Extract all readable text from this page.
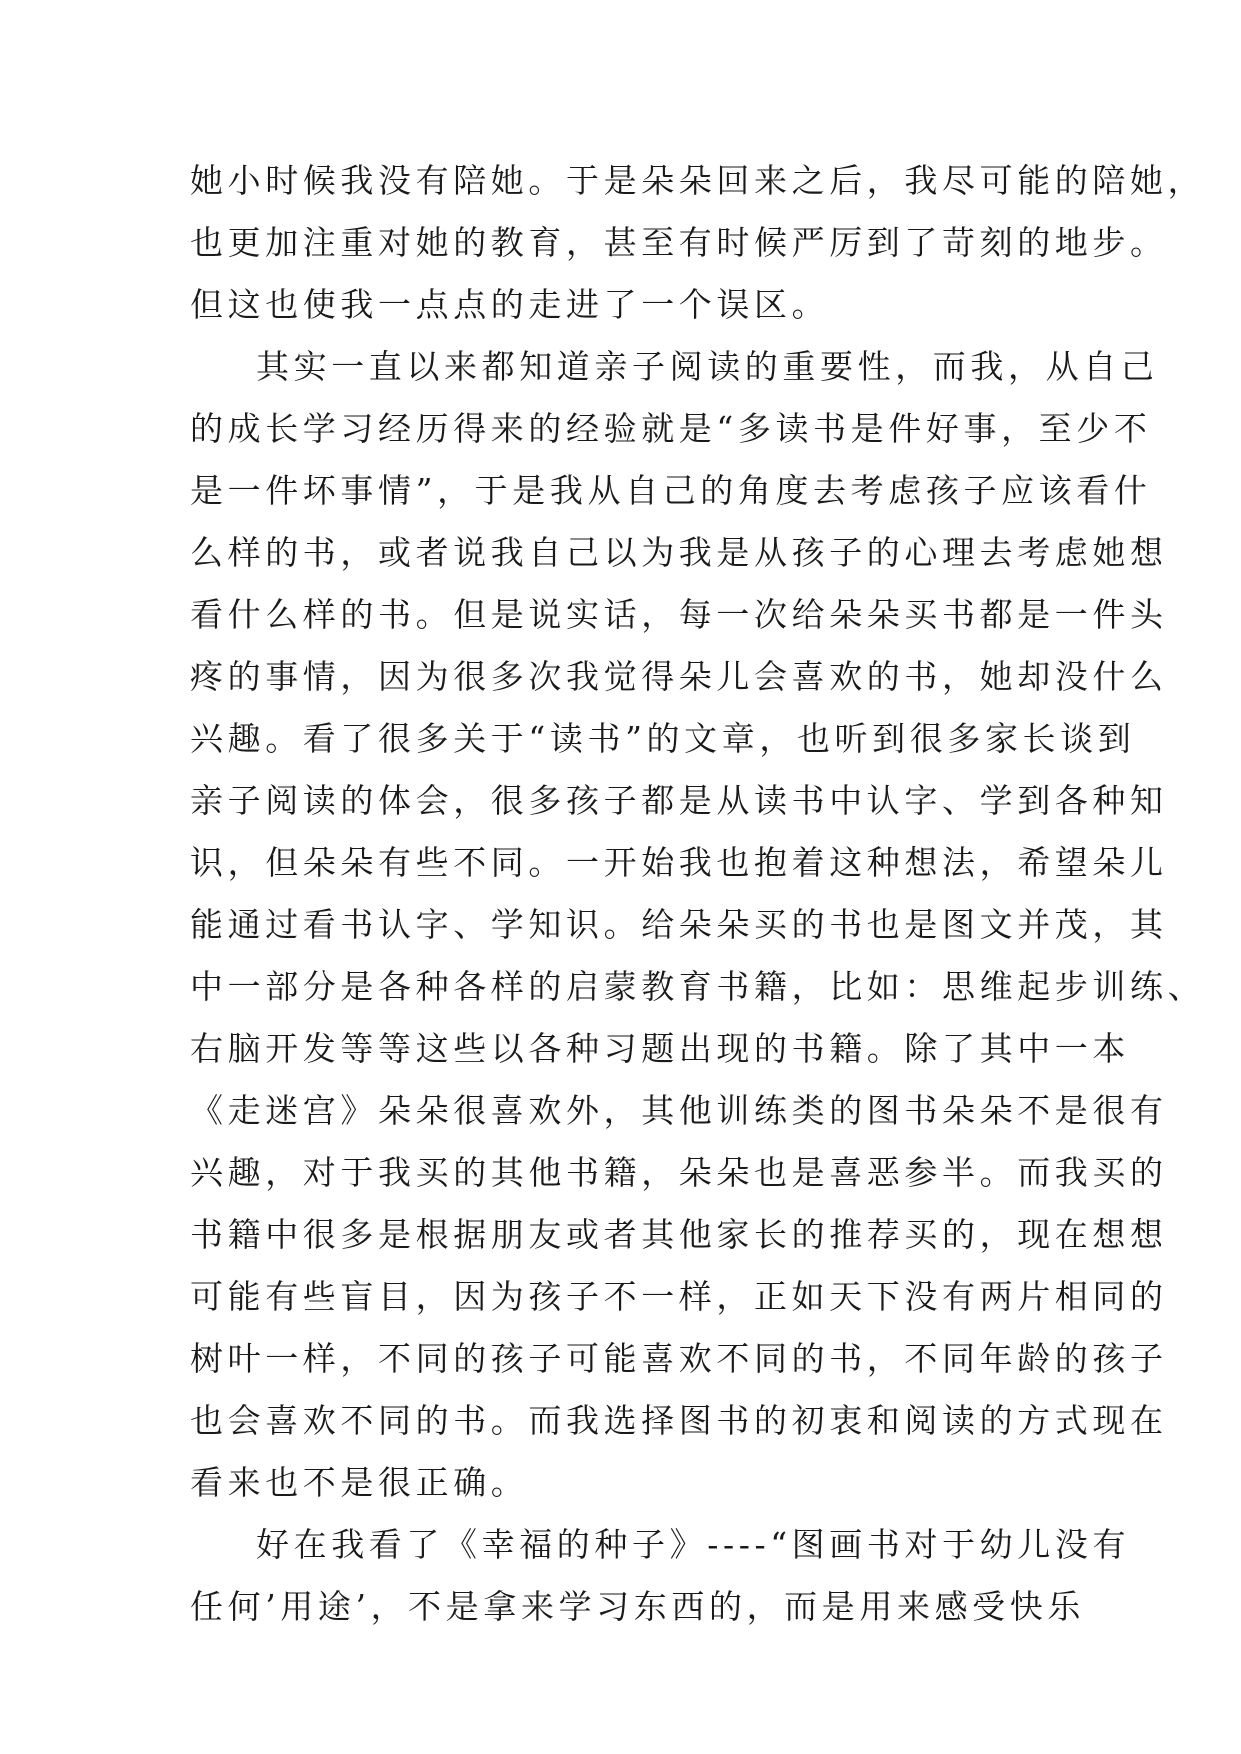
她小时候我没有陪她。于是朵朵回来之后，我尽可能的陪她，
也更加注重对她的教育，甚至有时候严厉到了苛刻的地步。
但这也使我一点点的走进了一个误区。
其实一直以来都知道亲子阅读的重要性，而我，从自己
的成长学习经历得来的经验就是“多读书是件好事，至少不
是一件坏事情”，于是我从自己的角度去考虑孩子应该看什
么样的书，或者说我自己以为我是从孩子的心理去考虑她想
看什么样的书。但是说实话，每一次给朵朵买书都是一件头
疼的事情，因为很多次我觉得朵儿会喜欢的书，她却没什么
兴趣。看了很多关于“读书”的文章，也听到很多家长谈到
亲子阅读的体会，很多孩子都是从读书中认字、学到各种知
识，但朵朵有些不同。一开始我也抱着这种想法，希望朵儿
能通过看书认字、学知识。给朵朵买的书也是图文并茂，其
中一部分是各种各样的启蒙教育书籍，比如：思维起步训练、
右脑开发等等这些以各种习题出现的书籍。除了其中一本
《走迷宫》朵朵很喜欢外，其他训练类的图书朵朵不是很有
兴趣，对于我买的其他书籍，朵朵也是喜恶参半。而我买的
书籍中很多是根据朋友或者其他家长的推荐买的，现在想想
可能有些盲目，因为孩子不一样，正如天下没有两片相同的
树叶一样，不同的孩子可能喜欢不同的书，不同年龄的孩子
也会喜欢不同的书。而我选择图书的初衷和阅读的方式现在
看来也不是很正确。
好在我看了《幸福的种子》----“图画书对于幼儿没有
任何’用途’，不是拿来学习东西的，而是用来感受快乐
